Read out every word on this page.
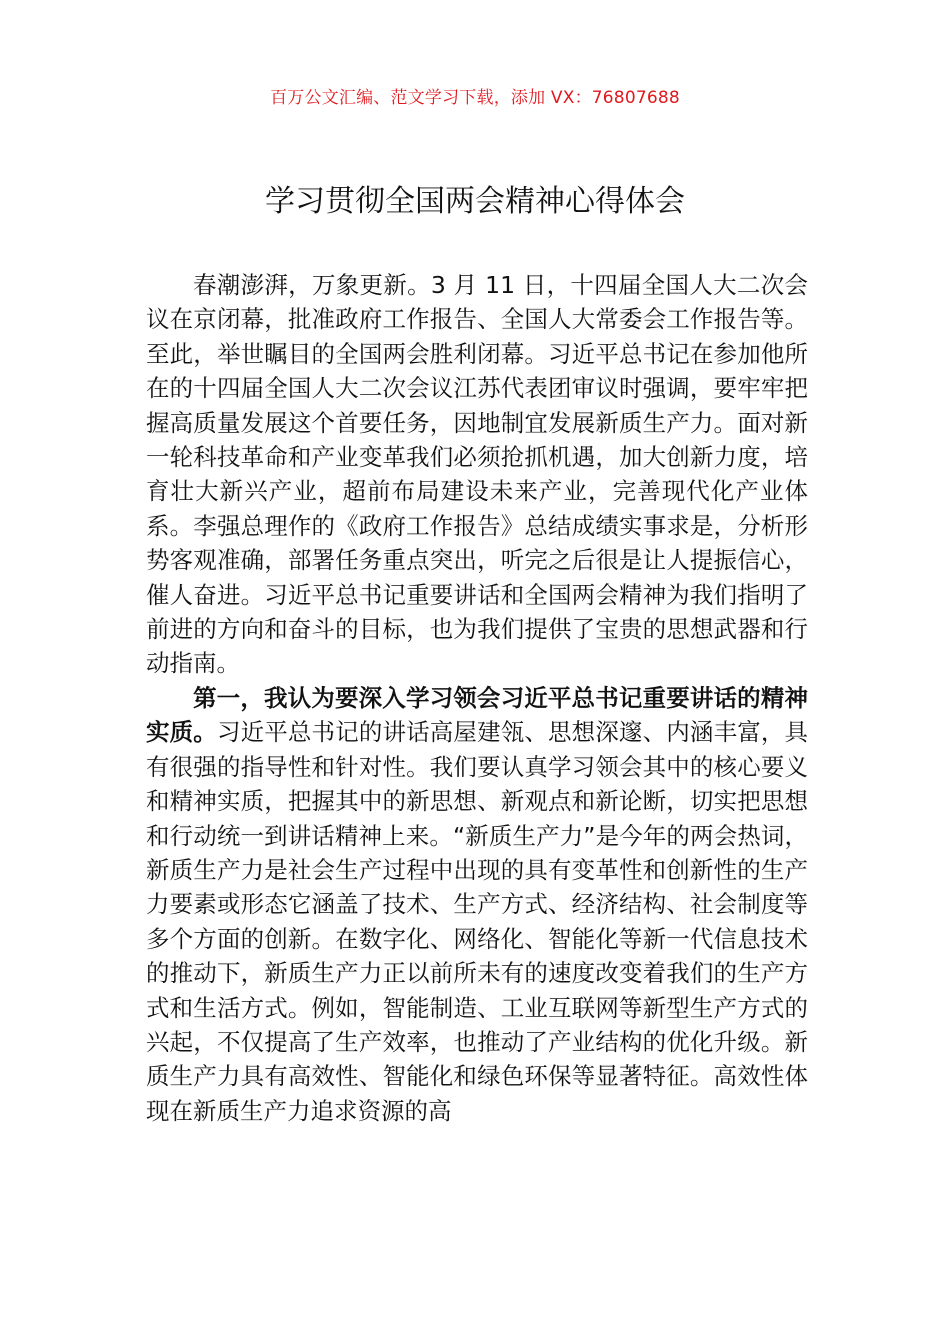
百万公文汇编、范文学习下载，添加 VX：76807688
学习贯彻全国两会精神心得体会

春潮澎湃，万象更新。3 月 11 日，十四届全国人大二次会议在京闭幕，批准政府工作报告、全国人大常委会工作报告等。至此，举世瞩目的全国两会胜利闭幕。习近平总书记在参加他所在的十四届全国人大二次会议江苏代表团审议时强调，要牢牢把握高质量发展这个首要任务，因地制宜发展新质生产力。面对新一轮科技革命和产业变革我们必须抢抓机遇，加大创新力度，培育壮大新兴产业，超前布局建设未来产业，完善现代化产业体系。李强总理作的《政府工作报告》总结成绩实事求是，分析形势客观准确，部署任务重点突出，听完之后很是让人提振信心，催人奋进。习近平总书记重要讲话和全国两会精神为我们指明了前进的方向和奋斗的目标，也为我们提供了宝贵的思想武器和行动指南。

第一，我认为要深入学习领会习近平总书记重要讲话的精神实质。习近平总书记的讲话高屋建瓴、思想深邃、内涵丰富，具有很强的指导性和针对性。我们要认真学习领会其中的核心要义和精神实质，把握其中的新思想、新观点和新论断，切实把思想和行动统一到讲话精神上来。“新质生产力”是今年的两会热词，新质生产力是社会生产过程中出现的具有变革性和创新性的生产力要素或形态它涵盖了技术、生产方式、经济结构、社会制度等多个方面的创新。在数字化、网络化、智能化等新一代信息技术的推动下，新质生产力正以前所未有的速度改变着我们的生产方式和生活方式。例如，智能制造、工业互联网等新型生产方式的兴起，不仅提高了生产效率，也推动了产业结构的优化升级。新质生产力具有高效性、智能化和绿色环保等显著特征。高效性体现在新质生产力追求资源的高
